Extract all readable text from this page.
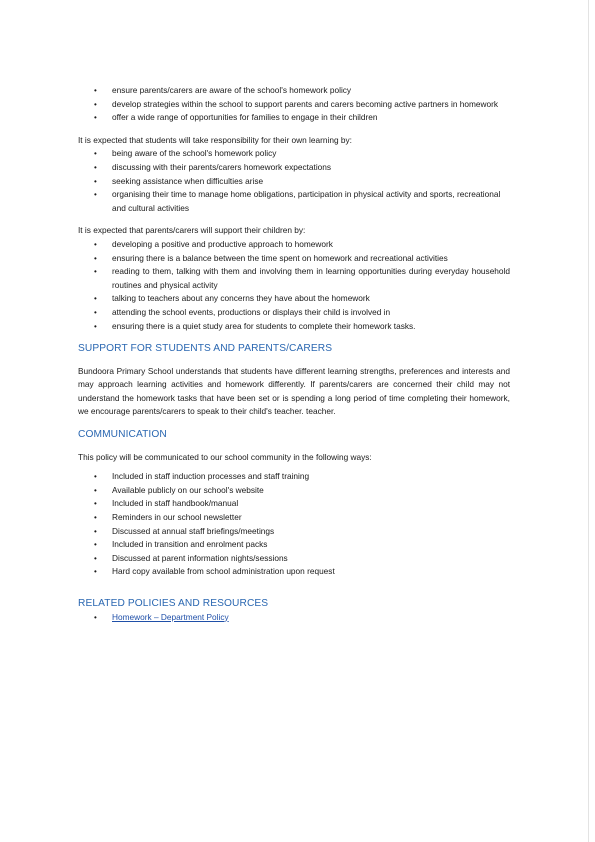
• ensure parents/carers are aware of the school's homework policy
• develop strategies within the school to support parents and carers becoming active partners in homework
• offer a wide range of opportunities for families to engage in their children

It is expected that students will take responsibility for their own learning by:

• being aware of the school's homework policy
• discussing with their parents/carers homework expectations
• seeking assistance when difficulties arise
• organising their time to manage home obligations, participation in physical activity and sports, recreational and cultural activities

It is expected that parents/carers will support their children by:

• developing a positive and productive approach to homework
• ensuring there is a balance between the time spent on homework and recreational activities
• reading to them, talking with them and involving them in learning opportunities during everyday household routines and physical activity
• talking to teachers about any concerns they have about the homework
• attending the school events, productions or displays their child is involved in
• ensuring there is a quiet study area for students to complete their homework tasks.
SUPPORT FOR STUDENTS AND PARENTS/CARERS

Bundoora Primary School understands that students have different learning strengths, preferences and interests and may approach learning activities and homework differently. If parents/carers are concerned their child may not understand the homework tasks that have been set or is spending a long period of time completing their homework, we encourage parents/carers to speak to their child's teacher. teacher.

COMMUNICATION

This policy will be communicated to our school community in the following ways:

• Included in staff induction processes and staff training
• Available publicly on our school's website
• Included in staff handbook/manual
• Reminders in our school newsletter
• Discussed at annual staff briefings/meetings
• Included in transition and enrolment packs
• Discussed at parent information nights/sessions
• Hard copy available from school administration upon request
RELATED POLICIES AND RESOURCES
• Homework – Department Policy
